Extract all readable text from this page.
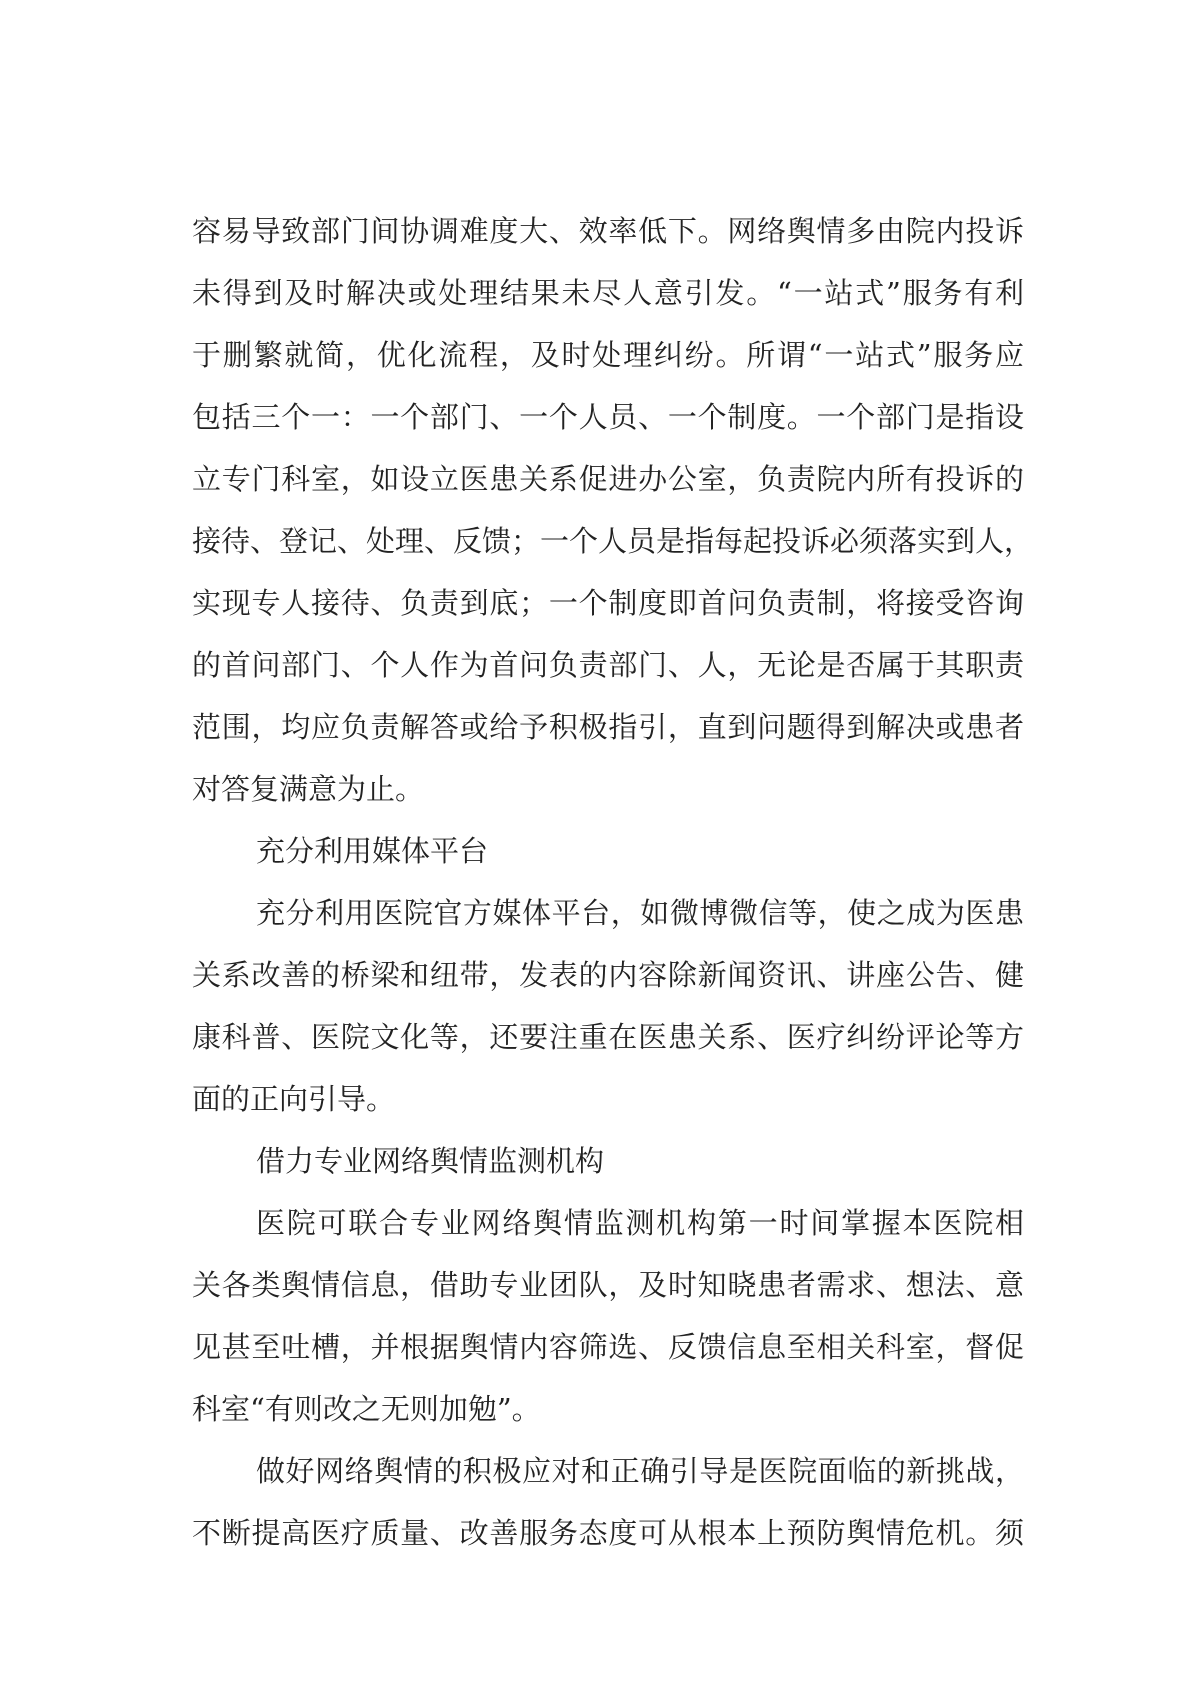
容易导致部门间协调难度大、效率低下。网络舆情多由院内投诉
未得到及时解决或处理结果未尽人意引发。“一站式”服务有利
于删繁就简，优化流程，及时处理纠纷。所谓“一站式”服务应
包括三个一：一个部门、一个人员、一个制度。一个部门是指设
立专门科室，如设立医患关系促进办公室，负责院内所有投诉的
接待、登记、处理、反馈；一个人员是指每起投诉必须落实到人，
实现专人接待、负责到底；一个制度即首问负责制，将接受咨询
的首问部门、个人作为首问负责部门、人，无论是否属于其职责
范围，均应负责解答或给予积极指引，直到问题得到解决或患者
对答复满意为止。
充分利用媒体平台
充分利用医院官方媒体平台，如微博微信等，使之成为医患
关系改善的桥梁和纽带，发表的内容除新闻资讯、讲座公告、健
康科普、医院文化等，还要注重在医患关系、医疗纠纷评论等方
面的正向引导。
借力专业网络舆情监测机构
医院可联合专业网络舆情监测机构第一时间掌握本医院相
关各类舆情信息，借助专业团队，及时知晓患者需求、想法、意
见甚至吐槽，并根据舆情内容筛选、反馈信息至相关科室，督促
科室“有则改之无则加勉”。
做好网络舆情的积极应对和正确引导是医院面临的新挑战，
不断提高医疗质量、改善服务态度可从根本上预防舆情危机。须
